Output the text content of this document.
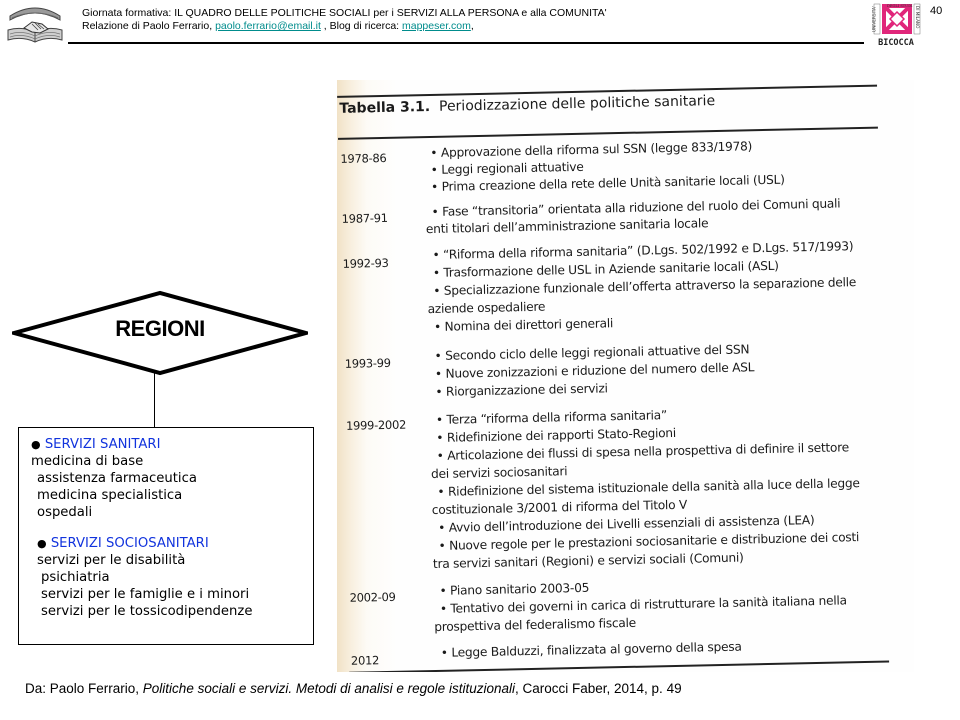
Giornata formativa: IL QUADRO DELLE POLITICHE SOCIALI per i SERVIZI ALLA PERSONA e alla COMUNITA'
Relazione di Paolo Ferrario, paolo.ferrario@email.it , Blog di ricerca: mappeser.com,	UNIVERSITA'	DI MILANO
DEGLI STUDI
BICOCCA
40
REGIONI
● SERVIZI SANITARI
medicina di base
assistenza farmaceutica
medicina specialistica
ospedali
● SERVIZI SOCIOSANITARI
servizi per le disabilità
psichiatria
servizi per le famiglie e i minori
servizi per le tossicodipendenze
Tabella 3.1. Periodizzazione delle politiche sanitarie
1978-86	• Approvazione della riforma sul SSN (legge 833/1978)
• Leggi regionali attuative
• Prima creazione della rete delle Unità sanitarie locali (USL)
1987-91	• Fase “transitoria” orientata alla riduzione del ruolo dei Comuni quali
enti titolari dell’amministrazione sanitaria locale
1992-93
• “Riforma della riforma sanitaria” (D.Lgs. 502/1992 e D.Lgs. 517/1993)
• Trasformazione delle USL in Aziende sanitarie locali (ASL)
• Specializzazione funzionale dell’offerta attraverso la separazione delle
aziende ospedaliere
• Nomina dei direttori generali
1993-99
• Secondo ciclo delle leggi regionali attuative del SSN
• Nuove zonizzazioni e riduzione del numero delle ASL
• Riorganizzazione dei servizi
1999-2002 • Terza “riforma della riforma sanitaria”
• Ridefinizione dei rapporti Stato-Regioni
• Articolazione dei flussi di spesa nella prospettiva di definire il settore
dei servizi sociosanitari
• Ridefinizione del sistema istituzionale della sanità alla luce della legge
costituzionale 3/2001 di riforma del Titolo V
• Avvio dell’introduzione dei Livelli essenziali di assistenza (LEA)
• Nuove regole per le prestazioni sociosanitarie e distribuzione dei costi
tra servizi sanitari (Regioni) e servizi sociali (Comuni)
2002-09	• Piano sanitario 2003-05
• Tentativo dei governi in carica di ristrutturare la sanità italiana nella
prospettiva del federalismo fiscale
2012
• Legge Balduzzi, finalizzata al governo della spesa
Da: Paolo Ferrario, Politiche sociali e servizi. Metodi di analisi e regole istituzionali, Carocci Faber, 2014, p. 49
